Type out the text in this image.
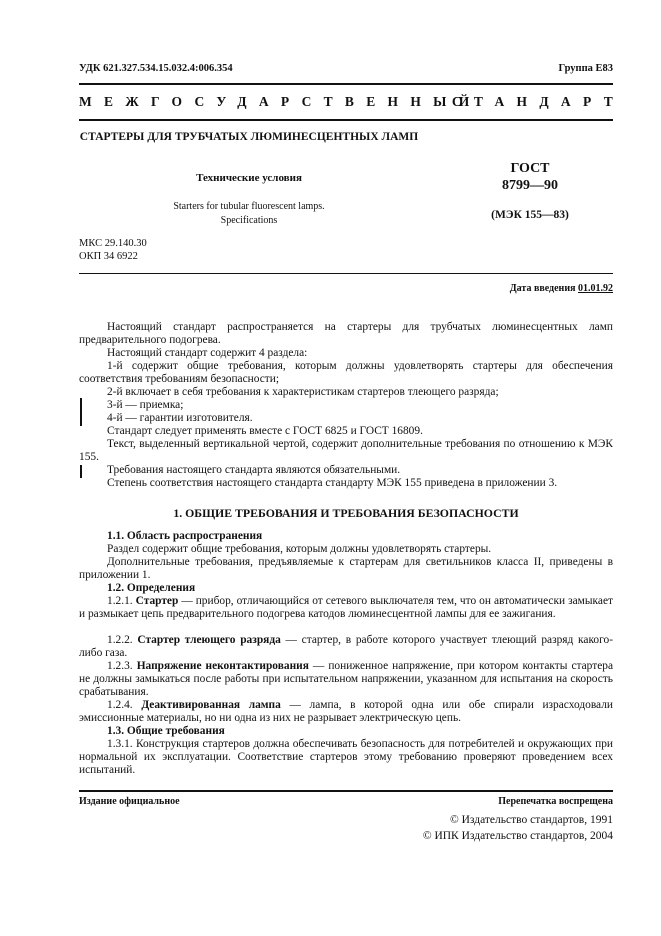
УДК 621.327.534.15.032.4:006.354	Группа Е83
МЕЖГОСУДАРСТВЕННЫЙ
СТАНДАРТ
СТАРТЕРЫ ДЛЯ ТРУБЧАТЫХ ЛЮМИНЕСЦЕНТНЫХ ЛАМП
Технические условия
Starters for tubular fluorescent lamps.
Specifications
ГОСТ
8799—90
(МЭК 155—83)
МКС 29.140.30
ОКП 34 6922
Дата введения 01.01.92
Настоящий стандарт распространяется на стартеры для трубчатых люминесцентных ламп предварительного подогрева.
Настоящий стандарт содержит 4 раздела:
1-й содержит общие требования, которым должны удовлетворять стартеры для обеспечения соответствия требованиям безопасности;
2-й включает в себя требования к характеристикам стартеров тлеющего разряда;
3-й — приемка;
4-й — гарантии изготовителя.
Стандарт следует применять вместе с ГОСТ 6825 и ГОСТ 16809.
Текст, выделенный вертикальной чертой, содержит дополнительные требования по отношению к МЭК 155.
Требования настоящего стандарта являются обязательными.
Степень соответствия настоящего стандарта стандарту МЭК 155 приведена в приложении 3.
1. ОБЩИЕ ТРЕБОВАНИЯ И ТРЕБОВАНИЯ БЕЗОПАСНОСТИ
1.1. Область распространения
Раздел содержит общие требования, которым должны удовлетворять стартеры.
Дополнительные требования, предъявляемые к стартерам для светильников класса II, приведены в приложении 1.
1.2. Определения
1.2.1. Стартер — прибор, отличающийся от сетевого выключателя тем, что он автоматически замыкает и размыкает цепь предварительного подогрева катодов люминесцентной лампы для ее зажигания.
1.2.2. Стартер тлеющего разряда — стартер, в работе которого участвует тлеющий разряд какого-либо газа.
1.2.3. Напряжение неконтактирования — пониженное напряжение, при котором контакты стартера не должны замыкаться после работы при испытательном напряжении, указанном для испытания на скорость срабатывания.
1.2.4. Деактивированная лампа — лампа, в которой одна или обе спирали израсходовали эмиссионные материалы, но ни одна из них не разрывает электрическую цепь.
1.3. Общие требования
1.3.1. Конструкция стартеров должна обеспечивать безопасность для потребителей и окружающих при нормальной их эксплуатации. Соответствие стартеров этому требованию проверяют проведением всех испытаний.
Издание официальное	Перепечатка воспрещена
© Издательство стандартов, 1991
© ИПК Издательство стандартов, 2004
